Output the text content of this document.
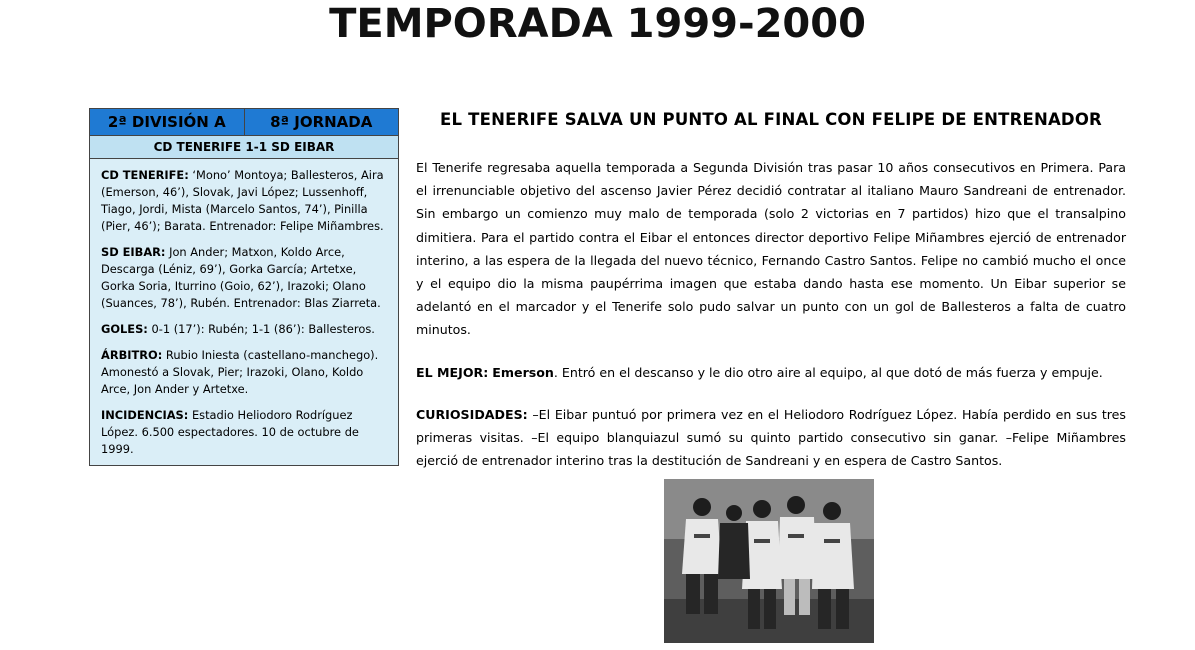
TEMPORADA 1999-2000
2ª DIVISIÓN A	8ª JORNADA
CD TENERIFE 1-1 SD EIBAR
CD TENERIFE: ‘Mono’ Montoya; Ballesteros, Aira (Emerson, 46’), Slovak, Javi López; Lussenhoff, Tiago, Jordi, Mista (Marcelo Santos, 74’), Pinilla (Pier, 46’); Barata. Entrenador: Felipe Miñambres.
SD EIBAR: Jon Ander; Matxon, Koldo Arce, Descarga (Léniz, 69’), Gorka García; Artetxe, Gorka Soria, Iturrino (Goio, 62’), Irazoki; Olano (Suances, 78’), Rubén. Entrenador: Blas Ziarreta.
GOLES: 0-1 (17’): Rubén; 1-1 (86’): Ballesteros.
ÁRBITRO: Rubio Iniesta (castellano-manchego). Amonestó a Slovak, Pier; Irazoki, Olano, Koldo Arce, Jon Ander y Artetxe.
INCIDENCIAS: Estadio Heliodoro Rodríguez López. 6.500 espectadores. 10 de octubre de 1999.
EL TENERIFE SALVA UN PUNTO AL FINAL CON FELIPE DE ENTRENADOR

El Tenerife regresaba aquella temporada a Segunda División tras pasar 10 años consecutivos en Primera. Para el irrenunciable objetivo del ascenso Javier Pérez decidió contratar al italiano Mauro Sandreani de entrenador. Sin embargo un comienzo muy malo de temporada (solo 2 victorias en 7 partidos) hizo que el transalpino dimitiera. Para el partido contra el Eibar el entonces director deportivo Felipe Miñambres ejerció de entrenador interino, a las espera de la llegada del nuevo técnico, Fernando Castro Santos. Felipe no cambió mucho el once y el equipo dio la misma paupérrima imagen que estaba dando hasta ese momento. Un Eibar superior se adelantó en el marcador y el Tenerife solo pudo salvar un punto con un gol de Ballesteros a falta de cuatro minutos.

EL MEJOR: Emerson. Entró en el descanso y le dio otro aire al equipo, al que dotó de más fuerza y empuje.

CURIOSIDADES: –El Eibar puntuó por primera vez en el Heliodoro Rodríguez López. Había perdido en sus tres primeras visitas. –El equipo blanquiazul sumó su quinto partido consecutivo sin ganar. –Felipe Miñambres ejerció de entrenador interino tras la destitución de Sandreani y en espera de Castro Santos.
